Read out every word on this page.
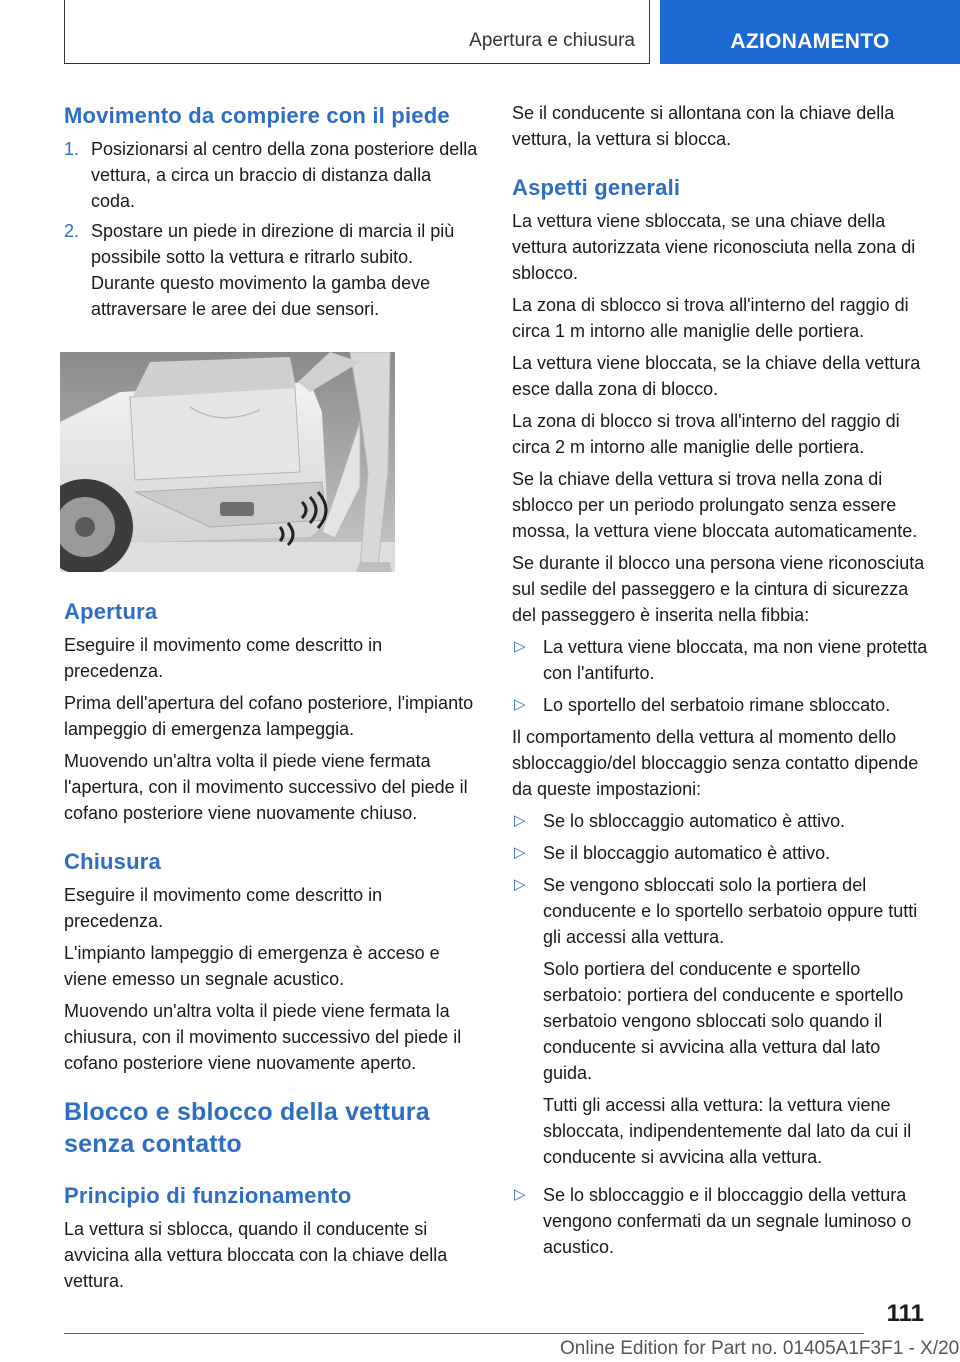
Apertura e chiusura	AZIONAMENTO
Movimento da compiere con il piede
1. Posizionarsi al centro della zona posteriore della vettura, a circa un braccio di distanza dalla coda.
2. Spostare un piede in direzione di marcia il più possibile sotto la vettura e ritrarlo subito. Durante questo movimento la gamba deve attraversare le aree dei due sensori.
Apertura

Eseguire il movimento come descritto in precedenza.

Prima dell'apertura del cofano posteriore, l'impianto lampeggio di emergenza lampeggia.

Muovendo un'altra volta il piede viene fermata l'apertura, con il movimento successivo del piede il cofano posteriore viene nuovamente chiuso.

Chiusura

Eseguire il movimento come descritto in precedenza.

L'impianto lampeggio di emergenza è acceso e viene emesso un segnale acustico.

Muovendo un'altra volta il piede viene fermata la chiusura, con il movimento successivo del piede il cofano posteriore viene nuovamente aperto.

Blocco e sblocco della vettura senza contatto
Principio di funzionamento

La vettura si sblocca, quando il conducente si avvicina alla vettura bloccata con la chiave della vettura.

Se il conducente si allontana con la chiave della vettura, la vettura si blocca.

Aspetti generali

La vettura viene sbloccata, se una chiave della vettura autorizzata viene riconosciuta nella zona di sblocco.

La zona di sblocco si trova all'interno del raggio di circa 1 m intorno alle maniglie delle portiera.

La vettura viene bloccata, se la chiave della vettura esce dalla zona di blocco.

La zona di blocco si trova all'interno del raggio di circa 2 m intorno alle maniglie delle portiera.

Se la chiave della vettura si trova nella zona di sblocco per un periodo prolungato senza essere mossa, la vettura viene bloccata automaticamente.

Se durante il blocco una persona viene riconosciuta sul sedile del passeggero e la cintura di sicurezza del passeggero è inserita nella fibbia:

▷ La vettura viene bloccata, ma non viene protetta con l'antifurto.
▷ Lo sportello del serbatoio rimane sbloccato.

Il comportamento della vettura al momento dello sbloccaggio/del bloccaggio senza contatto dipende da queste impostazioni:

▷ Se lo sbloccaggio automatico è attivo.
▷ Se il bloccaggio automatico è attivo.
▷ Se vengono sbloccati solo la portiera del conducente e lo sportello serbatoio oppure tutti gli accessi alla vettura.

Solo portiera del conducente e sportello serbatoio: portiera del conducente e sportello serbatoio vengono sbloccati solo quando il conducente si avvicina alla vettura dal lato guida.

Tutti gli accessi alla vettura: la vettura viene sbloccata, indipendentemente dal lato da cui il conducente si avvicina alla vettura.

▷ Se lo sbloccaggio e il bloccaggio della vettura vengono confermati da un segnale luminoso o acustico.
111
Online Edition for Part no. 01405A1F3F1 - X/20
